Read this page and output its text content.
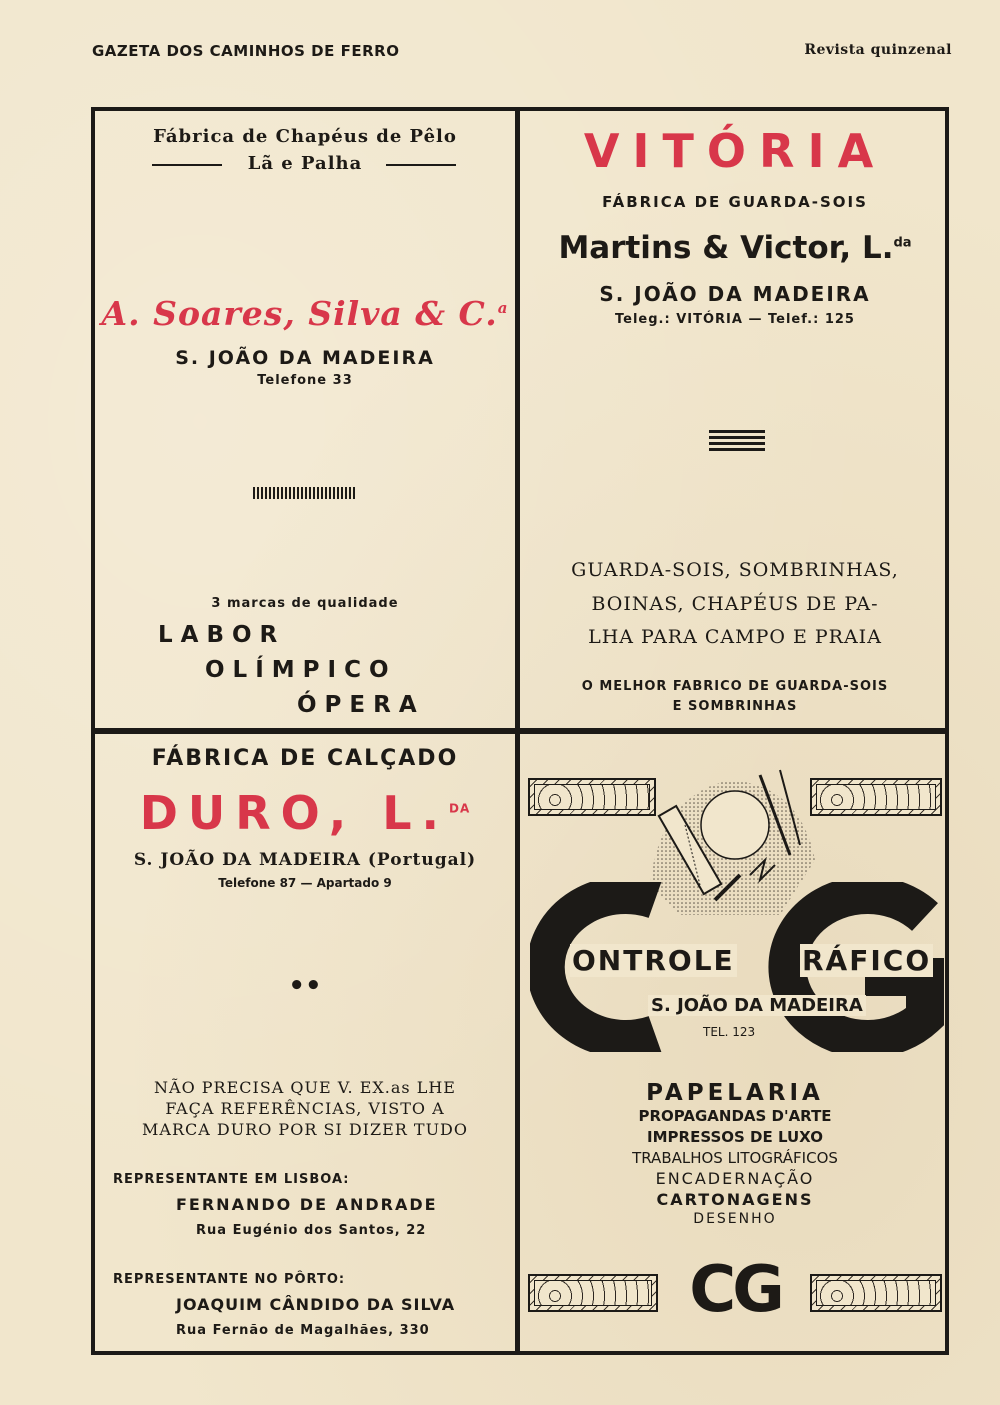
GAZETA DOS CAMINHOS DE FERRO	Revista quinzenal
Fábrica de Chapéus de Pêlo
Lã e Palha
A. Soares, Silva & C.$^a$
S. JOÃO DA MADEIRA
Telefone 33
3 marcas de qualidade
LABOR
OLÍMPICO
ÓPERA
VITÓRIA
FÁBRICA DE GUARDA-SOIS
Martins & Victor, L.$^{da}$
S. JOÃO DA MADEIRA
Teleg.: VITÓRIA — Telef.: 125
GUARDA-SOIS, SOMBRINHAS,
BOINAS, CHAPÉUS DE PA-
LHA PARA CAMPO E PRAIA
O MELHOR FABRICO DE GUARDA-SOIS
E SOMBRINHAS
FÁBRICA DE CALÇADO
DURO, L.$^{DA}$
S. JOÃO DA MADEIRA (Portugal)
Telefone 87 — Apartado 9
••
NÃO PRECISA QUE V. EX.as LHE
FAÇA REFERÊNCIAS, VISTO A
MARCA DURO POR SI DIZER TUDO
REPRESENTANTE EM LISBOA:
FERNANDO DE ANDRADE
Rua Eugénio dos Santos, 22
REPRESENTANTE NO PÔRTO:
JOAQUIM CÂNDIDO DA SILVA
Rua Fernão de Magalhães, 330
ONTROLE RÁFICO
S. JOÃO DA MADEIRA
TEL. 123
PAPELARIA
PROPAGANDAS D'ARTE
IMPRESSOS DE LUXO
TRABALHOS LITOGRÁFICOS
ENCADERNAÇÃO
CARTONAGENS
DESENHO
CG
